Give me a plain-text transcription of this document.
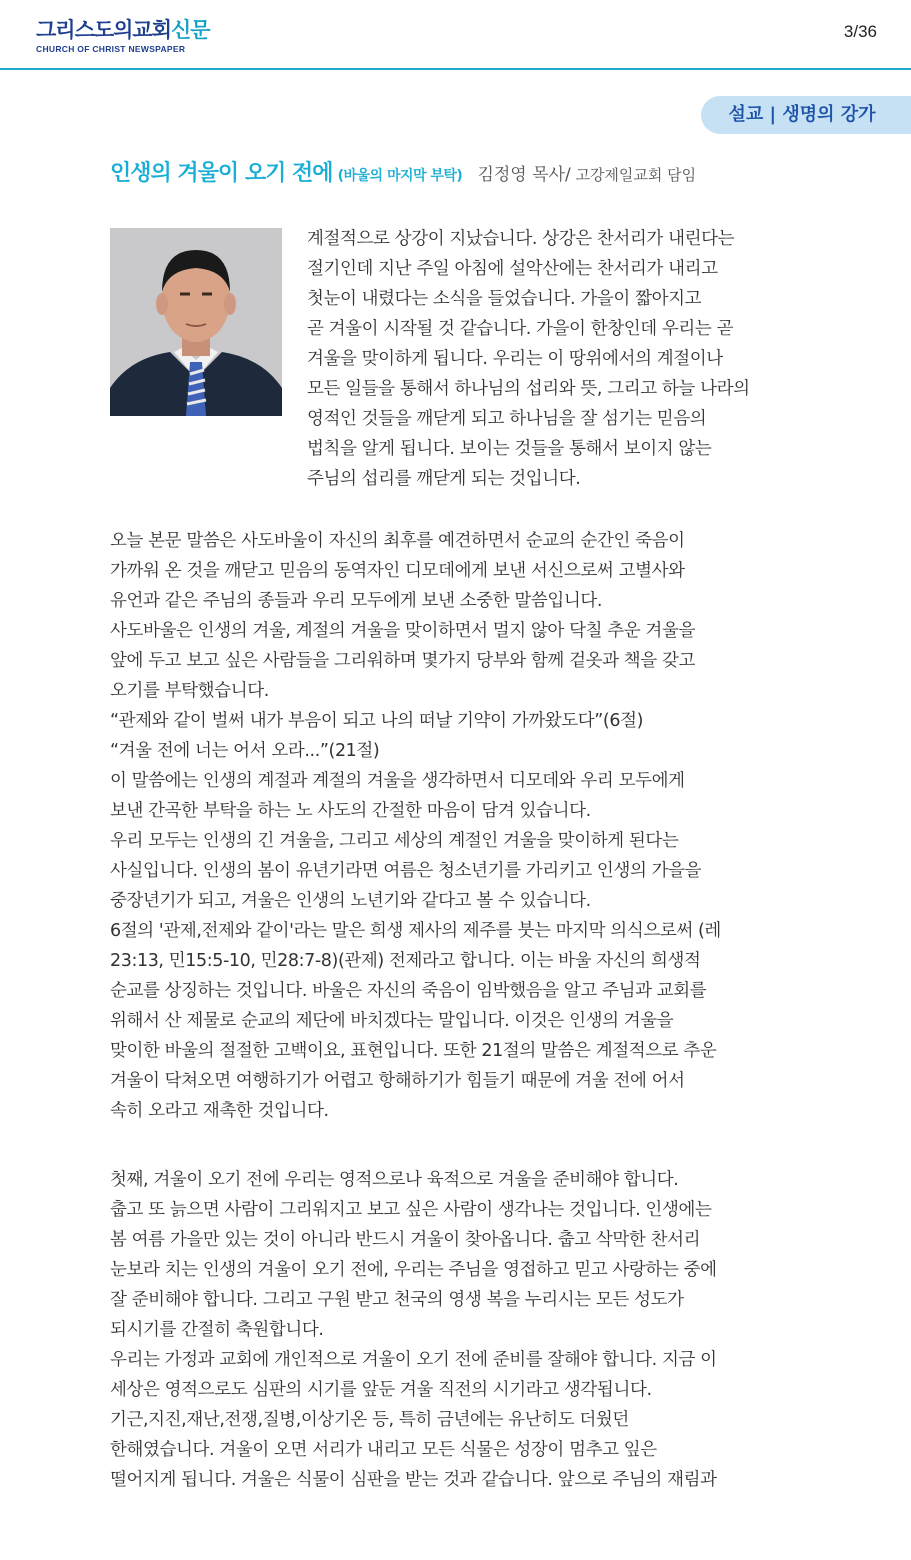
그리스도의교회신문
CHURCH OF CHRIST NEWSPAPER
3/36
설교 | 생명의 강가
인생의 겨울이 오기 전에 (바울의 마지막 부탁) 김정영 목사/ 고강제일교회 담임
계절적으로 상강이 지났습니다. 상강은 찬서리가 내린다는
절기인데 지난 주일 아침에 설악산에는 찬서리가 내리고
첫눈이 내렸다는 소식을 들었습니다. 가을이 짧아지고
곧 겨울이 시작될 것 같습니다. 가을이 한창인데 우리는 곧
겨울을 맞이하게 됩니다. 우리는 이 땅위에서의 계절이나
모든 일들을 통해서 하나님의 섭리와 뜻, 그리고 하늘 나라의
영적인 것들을 깨닫게 되고 하나님을 잘 섬기는 믿음의
법칙을 알게 됩니다. 보이는 것들을 통해서 보이지 않는
주님의 섭리를 깨닫게 되는 것입니다.
오늘 본문 말씀은 사도바울이 자신의 최후를 예견하면서 순교의 순간인 죽음이
가까워 온 것을 깨닫고 믿음의 동역자인 디모데에게 보낸 서신으로써 고별사와
유언과 같은 주님의 종들과 우리 모두에게 보낸 소중한 말씀입니다.
사도바울은 인생의 겨울, 계절의 겨울을 맞이하면서 멀지 않아 닥칠 추운 겨울을
앞에 두고 보고 싶은 사람들을 그리워하며 몇가지 당부와 함께 겉옷과 책을 갖고
오기를 부탁했습니다.
“관제와 같이 벌써 내가 부음이 되고 나의 떠날 기약이 가까왔도다”(6절)
“겨울 전에 너는 어서 오라...”(21절)
이 말씀에는 인생의 계절과 계절의 겨울을 생각하면서 디모데와 우리 모두에게
보낸 간곡한 부탁을 하는 노 사도의 간절한 마음이 담겨 있습니다.
우리 모두는 인생의 긴 겨울을, 그리고 세상의 계절인 겨울을 맞이하게 된다는
사실입니다. 인생의 봄이 유년기라면 여름은 청소년기를 가리키고 인생의 가을을
중장년기가 되고, 겨울은 인생의 노년기와 같다고 볼 수 있습니다.
6절의 '관제,전제와 같이'라는 말은 희생 제사의 제주를 붓는 마지막 의식으로써 (레
23:13, 민15:5-10, 민28:7-8)(관제) 전제라고 합니다. 이는 바울 자신의 희생적
순교를 상징하는 것입니다. 바울은 자신의 죽음이 임박했음을 알고 주님과 교회를
위해서 산 제물로 순교의 제단에 바치겠다는 말입니다. 이것은 인생의 겨울을
맞이한 바울의 절절한 고백이요, 표현입니다. 또한 21절의 말씀은 계절적으로 추운
겨울이 닥쳐오면 여행하기가 어렵고 항해하기가 힘들기 때문에 겨울 전에 어서
속히 오라고 재촉한 것입니다.
첫째, 겨울이 오기 전에 우리는 영적으로나 육적으로 겨울을 준비해야 합니다.
춥고 또 늙으면 사람이 그리워지고 보고 싶은 사람이 생각나는 것입니다. 인생에는
봄 여름 가을만 있는 것이 아니라 반드시 겨울이 찾아옵니다. 춥고 삭막한 찬서리
눈보라 치는 인생의 겨울이 오기 전에, 우리는 주님을 영접하고 믿고 사랑하는 중에
잘 준비해야 합니다. 그리고 구원 받고 천국의 영생 복을 누리시는 모든 성도가
되시기를 간절히 축원합니다.
우리는 가정과 교회에 개인적으로 겨울이 오기 전에 준비를 잘해야 합니다. 지금 이
세상은 영적으로도 심판의 시기를 앞둔 겨울 직전의 시기라고 생각됩니다.
기근,지진,재난,전쟁,질병,이상기온 등, 특히 금년에는 유난히도 더웠던
한해였습니다. 겨울이 오면 서리가 내리고 모든 식물은 성장이 멈추고 잎은
떨어지게 됩니다. 겨울은 식물이 심판을 받는 것과 같습니다. 앞으로 주님의 재림과
